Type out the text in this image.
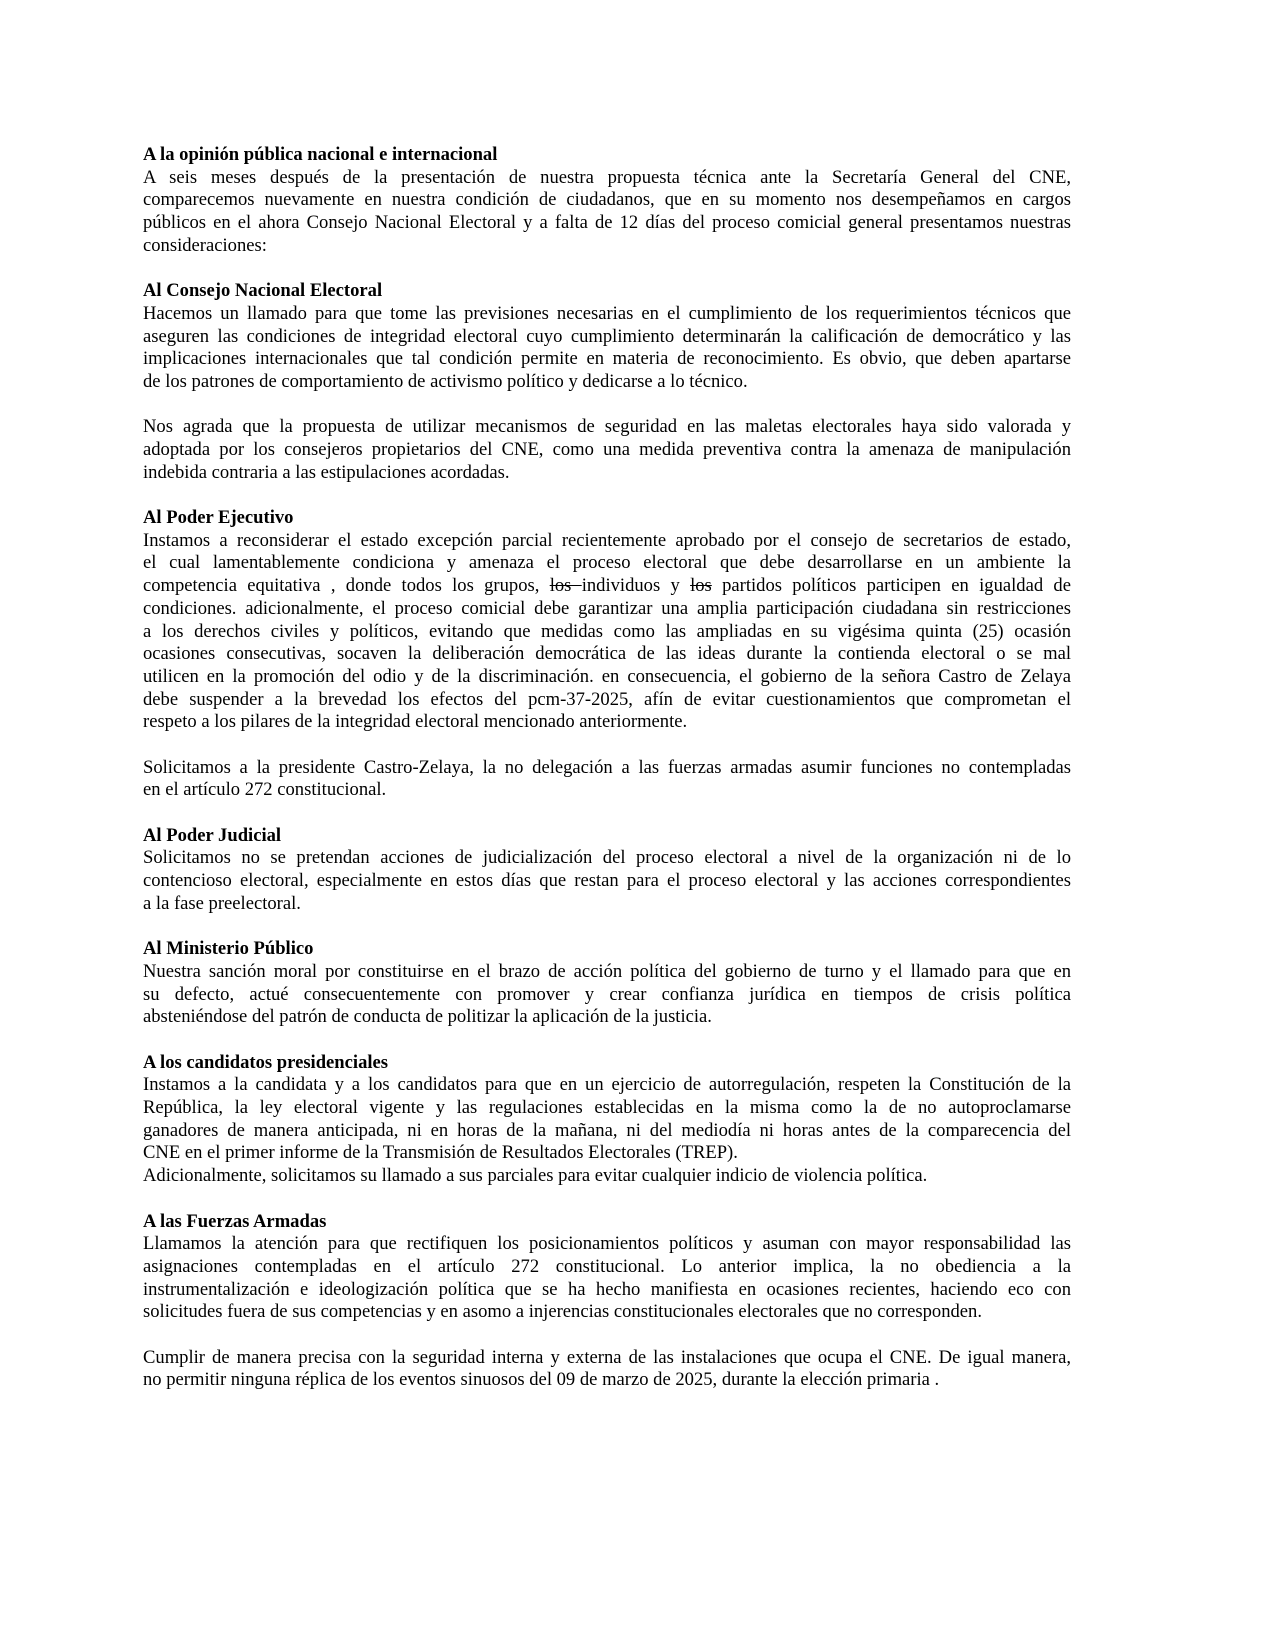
A la opinión pública nacional e internacional
A seis meses después de la presentación de nuestra propuesta técnica ante la Secretaría General del CNE,
comparecemos nuevamente en nuestra condición de ciudadanos, que en su momento nos desempeñamos en cargos
públicos en el ahora Consejo Nacional Electoral y a falta de 12 días del proceso comicial general presentamos nuestras
consideraciones:
Al Consejo Nacional Electoral
Hacemos un llamado para que tome las previsiones necesarias en el cumplimiento de los requerimientos técnicos que
aseguren las condiciones de integridad electoral cuyo cumplimiento determinarán la calificación de democrático y las
implicaciones internacionales que tal condición permite en materia de reconocimiento. Es obvio, que deben apartarse
de los patrones de comportamiento de activismo político y dedicarse a lo técnico.
Nos agrada que la propuesta de utilizar mecanismos de seguridad en las maletas electorales haya sido valorada y
adoptada por los consejeros propietarios del CNE, como una medida preventiva contra la amenaza de manipulación
indebida contraria a las estipulaciones acordadas.
Al Poder Ejecutivo
Instamos a reconsiderar el estado excepción parcial recientemente aprobado por el consejo de secretarios de estado,
el cual lamentablemente condiciona y amenaza el proceso electoral que debe desarrollarse en un ambiente la
competencia equitativa , donde todos los grupos, los individuos y los partidos políticos participen en igualdad de
condiciones. adicionalmente, el proceso comicial debe garantizar una amplia participación ciudadana sin restricciones
a los derechos civiles y políticos, evitando que medidas como las ampliadas en su vigésima quinta (25) ocasión
ocasiones consecutivas, socaven la deliberación democrática de las ideas durante la contienda electoral o se mal
utilicen en la promoción del odio y de la discriminación. en consecuencia, el gobierno de la señora Castro de Zelaya
debe suspender a la brevedad los efectos del pcm-37-2025, afín de evitar cuestionamientos que comprometan el
respeto a los pilares de la integridad electoral mencionado anteriormente.
Solicitamos a la presidente Castro-Zelaya, la no delegación a las fuerzas armadas asumir funciones no contempladas
en el artículo 272 constitucional.
Al Poder Judicial
Solicitamos no se pretendan acciones de judicialización del proceso electoral a nivel de la organización ni de lo
contencioso electoral, especialmente en estos días que restan para el proceso electoral y las acciones correspondientes
a la fase preelectoral.
Al Ministerio Público
Nuestra sanción moral por constituirse en el brazo de acción política del gobierno de turno y el llamado para que en
su defecto, actué consecuentemente con promover y crear confianza jurídica en tiempos de crisis política
absteniéndose del patrón de conducta de politizar la aplicación de la justicia.
A los candidatos presidenciales
Instamos a la candidata y a los candidatos para que en un ejercicio de autorregulación, respeten la Constitución de la
República, la ley electoral vigente y las regulaciones establecidas en la misma como la de no autoproclamarse
ganadores de manera anticipada, ni en horas de la mañana, ni del mediodía ni horas antes de la comparecencia del
CNE en el primer informe de la Transmisión de Resultados Electorales (TREP).
Adicionalmente, solicitamos su llamado a sus parciales para evitar cualquier indicio de violencia política.
A las Fuerzas Armadas
Llamamos la atención para que rectifiquen los posicionamientos políticos y asuman con mayor responsabilidad las
asignaciones contempladas en el artículo 272 constitucional. Lo anterior implica, la no obediencia a la
instrumentalización e ideologización política que se ha hecho manifiesta en ocasiones recientes, haciendo eco con
solicitudes fuera de sus competencias y en asomo a injerencias constitucionales electorales que no corresponden.
Cumplir de manera precisa con la seguridad interna y externa de las instalaciones que ocupa el CNE. De igual manera,
no permitir ninguna réplica de los eventos sinuosos del 09 de marzo de 2025, durante la elección primaria .
